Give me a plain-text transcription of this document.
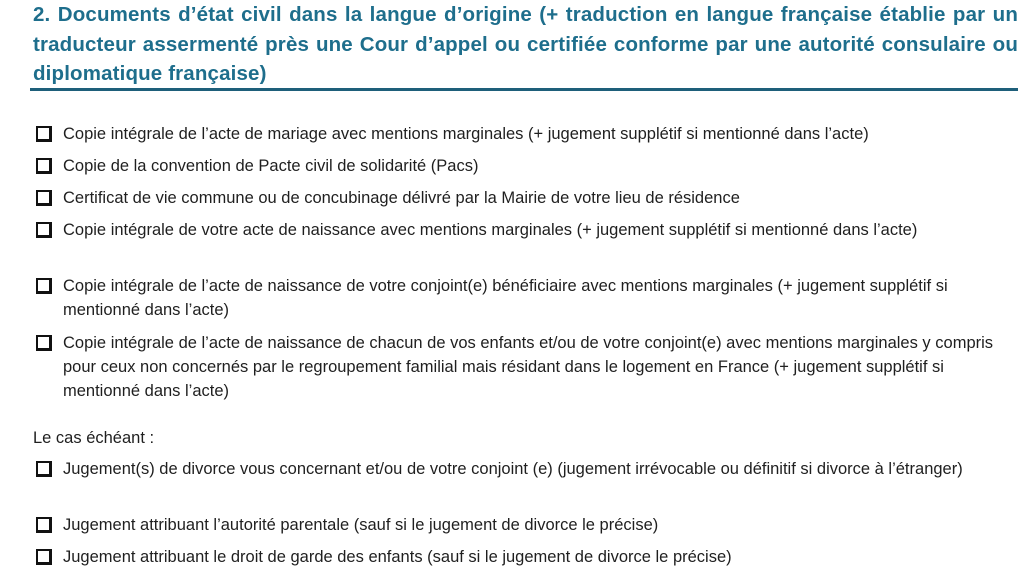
2. Documents d’état civil dans la langue d’origine (+ traduction en langue française établie par un traducteur assermenté près une Cour d’appel ou certifiée conforme par une autorité consulaire ou diplomatique française)
Copie intégrale de l’acte de mariage avec mentions marginales (+ jugement supplétif si mentionné dans l’acte)
Copie de la convention de Pacte civil de solidarité (Pacs)
Certificat de vie commune ou de concubinage délivré par la Mairie de votre lieu de résidence
Copie intégrale de votre acte de naissance avec mentions marginales (+ jugement supplétif si mentionné dans l’acte)
Copie intégrale de l’acte de naissance de votre conjoint(e) bénéficiaire avec mentions marginales (+ jugement supplétif si mentionné dans l’acte)
Copie intégrale de l’acte de naissance de chacun de vos enfants et/ou de votre conjoint(e) avec mentions marginales y compris pour ceux non concernés par le regroupement familial mais résidant dans le logement en France (+ jugement supplétif si mentionné dans l’acte)
Le cas échéant :
Jugement(s) de divorce vous concernant et/ou de votre conjoint (e) (jugement irrévocable ou définitif si divorce à l’étranger)
Jugement attribuant l’autorité parentale (sauf si le jugement de divorce le précise)
Jugement attribuant le droit de garde des enfants (sauf si le jugement de divorce le précise)
